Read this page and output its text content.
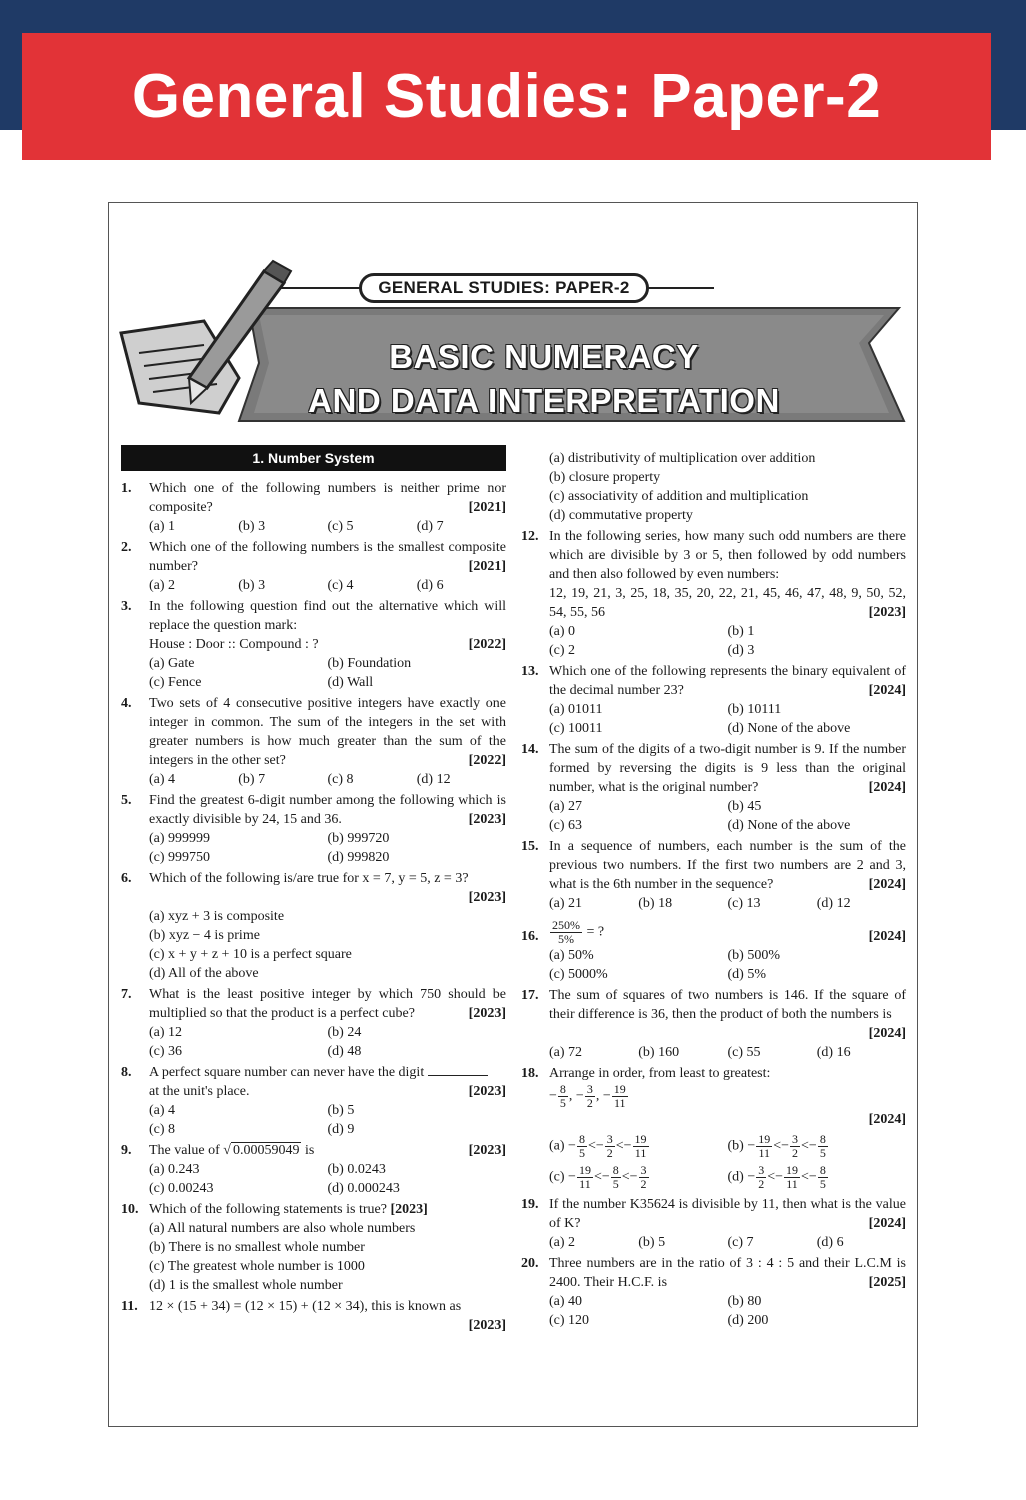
General Studies: Paper-2
GENERAL STUDIES: PAPER-2
BASIC NUMERACY
AND DATA INTERPRETATION
1. Number System
1. Which one of the following numbers is neither prime nor composite?	[2021]
(a) 1	(b) 3	(c) 5	(d) 7
2. Which one of the following numbers is the smallest composite number?	[2021]
(a) 2	(b) 3	(c) 4	(d) 6
3. In the following question find out the alternative which will replace the question mark:
House : Door :: Compound : ?	[2022]
(a) Gate	(b) Foundation
(c) Fence	(d) Wall
4. Two sets of 4 consecutive positive integers have exactly one integer in common. The sum of the integers in the set with greater numbers is how much greater than the sum of the integers in the other set?	[2022]
(a) 4	(b) 7	(c) 8	(d) 12
5. Find the greatest 6-digit number among the following which is exactly divisible by 24, 15 and 36.	[2023]
(a) 999999	(b) 999720
(c) 999750	(d) 999820
6. Which of the following is/are true for x = 7, y = 5, z = 3?
[2023]
(a) xyz + 3 is composite
(b) xyz − 4 is prime
(c) x + y + z + 10 is a perfect square
(d) All of the above
7. What is the least positive integer by which 750 should be multiplied so that the product is a perfect cube?	[2023]
(a) 12	(b) 24
(c) 36	(d) 48
8. A perfect square number can never have the digit
at the unit's place.	[2023]
(a) 4	(b) 5
(c) 8	(d) 9
9. The value of √ 0.00059049 is	[2023]
(a) 0.243	(b) 0.0243
(c) 0.00243	(d) 0.000243
10. Which of the following statements is true? [2023]
(a) All natural numbers are also whole numbers
(b) There is no smallest whole number
(c) The greatest whole number is 1000
(d) 1 is the smallest whole number
11. 12 × (15 + 34) = (12 × 15) + (12 × 34), this is known as
[2023]
(a) distributivity of multiplication over addition
(b) closure property
(c) associativity of addition and multiplication
(d) commutative property
12. In the following series, how many such odd numbers are there which are divisible by 3 or 5, then followed by odd numbers and then also followed by even numbers:
12, 19, 21, 3, 25, 18, 35, 20, 22, 21, 45, 46, 47, 48, 9, 50, 52, 54, 55, 56	[2023]
(a) 0	(b) 1
(c) 2	(d) 3
13. Which one of the following represents the binary equivalent of the decimal number 23?	[2024]
(a) 01011	(b) 10111
(c) 10011	(d) None of the above
14. The sum of the digits of a two-digit number is 9. If the number formed by reversing the digits is 9 less than the original number, what is the original number?	[2024]
(a) 27	(b) 45
(c) 63	(d) None of the above
15. In a sequence of numbers, each number is the sum of the previous two numbers. If the first two numbers are 2 and 3, what is the 6th number in the sequence?	[2024]
(a) 21	(b) 18	(c) 13	(d) 12
16. $\frac{250\%}{5\%}$ = ?	[2024]
(a) 50%	(b) 500%
(c) 5000%	(d) 5%
17. The sum of squares of two numbers is 146. If the square of their difference is 36, then the product of both the numbers is
[2024]
(a) 72	(b) 160	(c) 55	(d) 16
18. Arrange in order, from least to greatest:
− $\frac{8}{5}$ , − $\frac{3}{2}$ , − $\frac{19}{11}$
[2024]
$(a) - \frac{8}{5} <- \frac{3}{2} <- \frac{19}{11}$	$(b) - \frac{19}{11} <- \frac{3}{2} <- \frac{8}{5}$
$(c) - \frac{19}{11} <- \frac{8}{5} <- \frac{3}{2}$	$(d) - \frac{3}{2} <- \frac{19}{11} <- \frac{8}{5}$
19. If the number K35624 is divisible by 11, then what is the value of K?	[2024]
(a) 2	(b) 5	(c) 7	(d) 6
20. Three numbers are in the ratio of 3 : 4 : 5 and their L.C.M is 2400. Their H.C.F. is	[2025]
(a) 40	(b) 80
(c) 120	(d) 200
